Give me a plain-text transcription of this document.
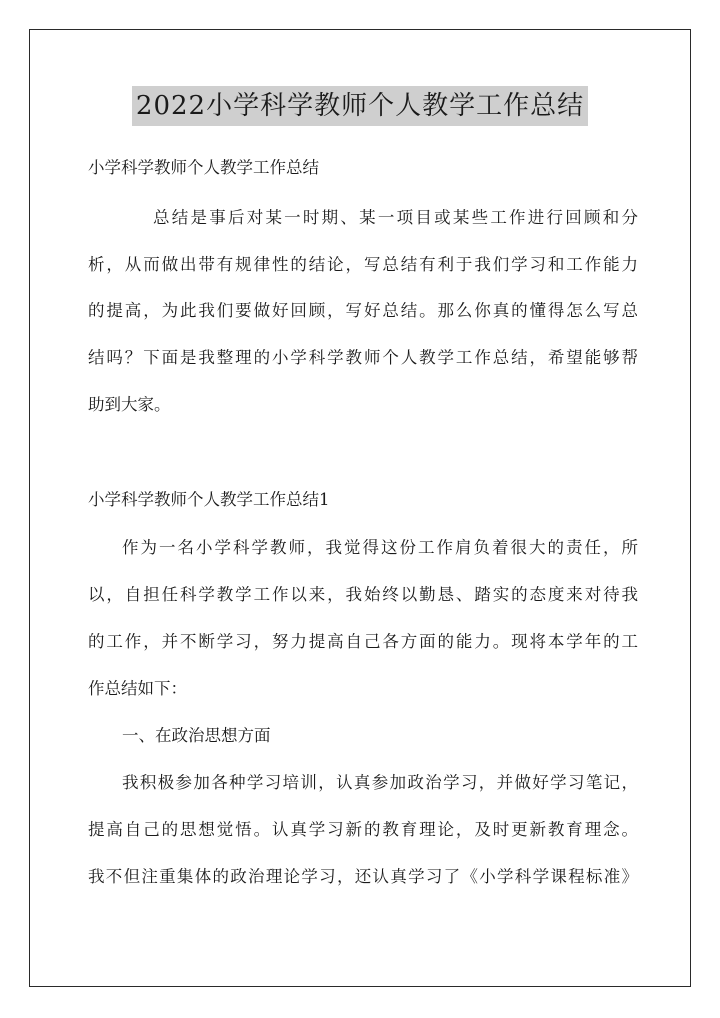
2022小学科学教师个人教学工作总结
小学科学教师个人教学工作总结
总结是事后对某一时期、某一项目或某些工作进行回顾和分
析，从而做出带有规律性的结论，写总结有利于我们学习和工作能力
的提高，为此我们要做好回顾，写好总结。那么你真的懂得怎么写总
结吗？下面是我整理的小学科学教师个人教学工作总结，希望能够帮
助到大家。
小学科学教师个人教学工作总结1
作为一名小学科学教师，我觉得这份工作肩负着很大的责任，所
以，自担任科学教学工作以来，我始终以勤恳、踏实的态度来对待我
的工作，并不断学习，努力提高自己各方面的能力。现将本学年的工
作总结如下：
一、在政治思想方面
我积极参加各种学习培训，认真参加政治学习，并做好学习笔记，
提高自己的思想觉悟。认真学习新的教育理论，及时更新教育理念。
我不但注重集体的政治理论学习，还认真学习了《小学科学课程标准》
